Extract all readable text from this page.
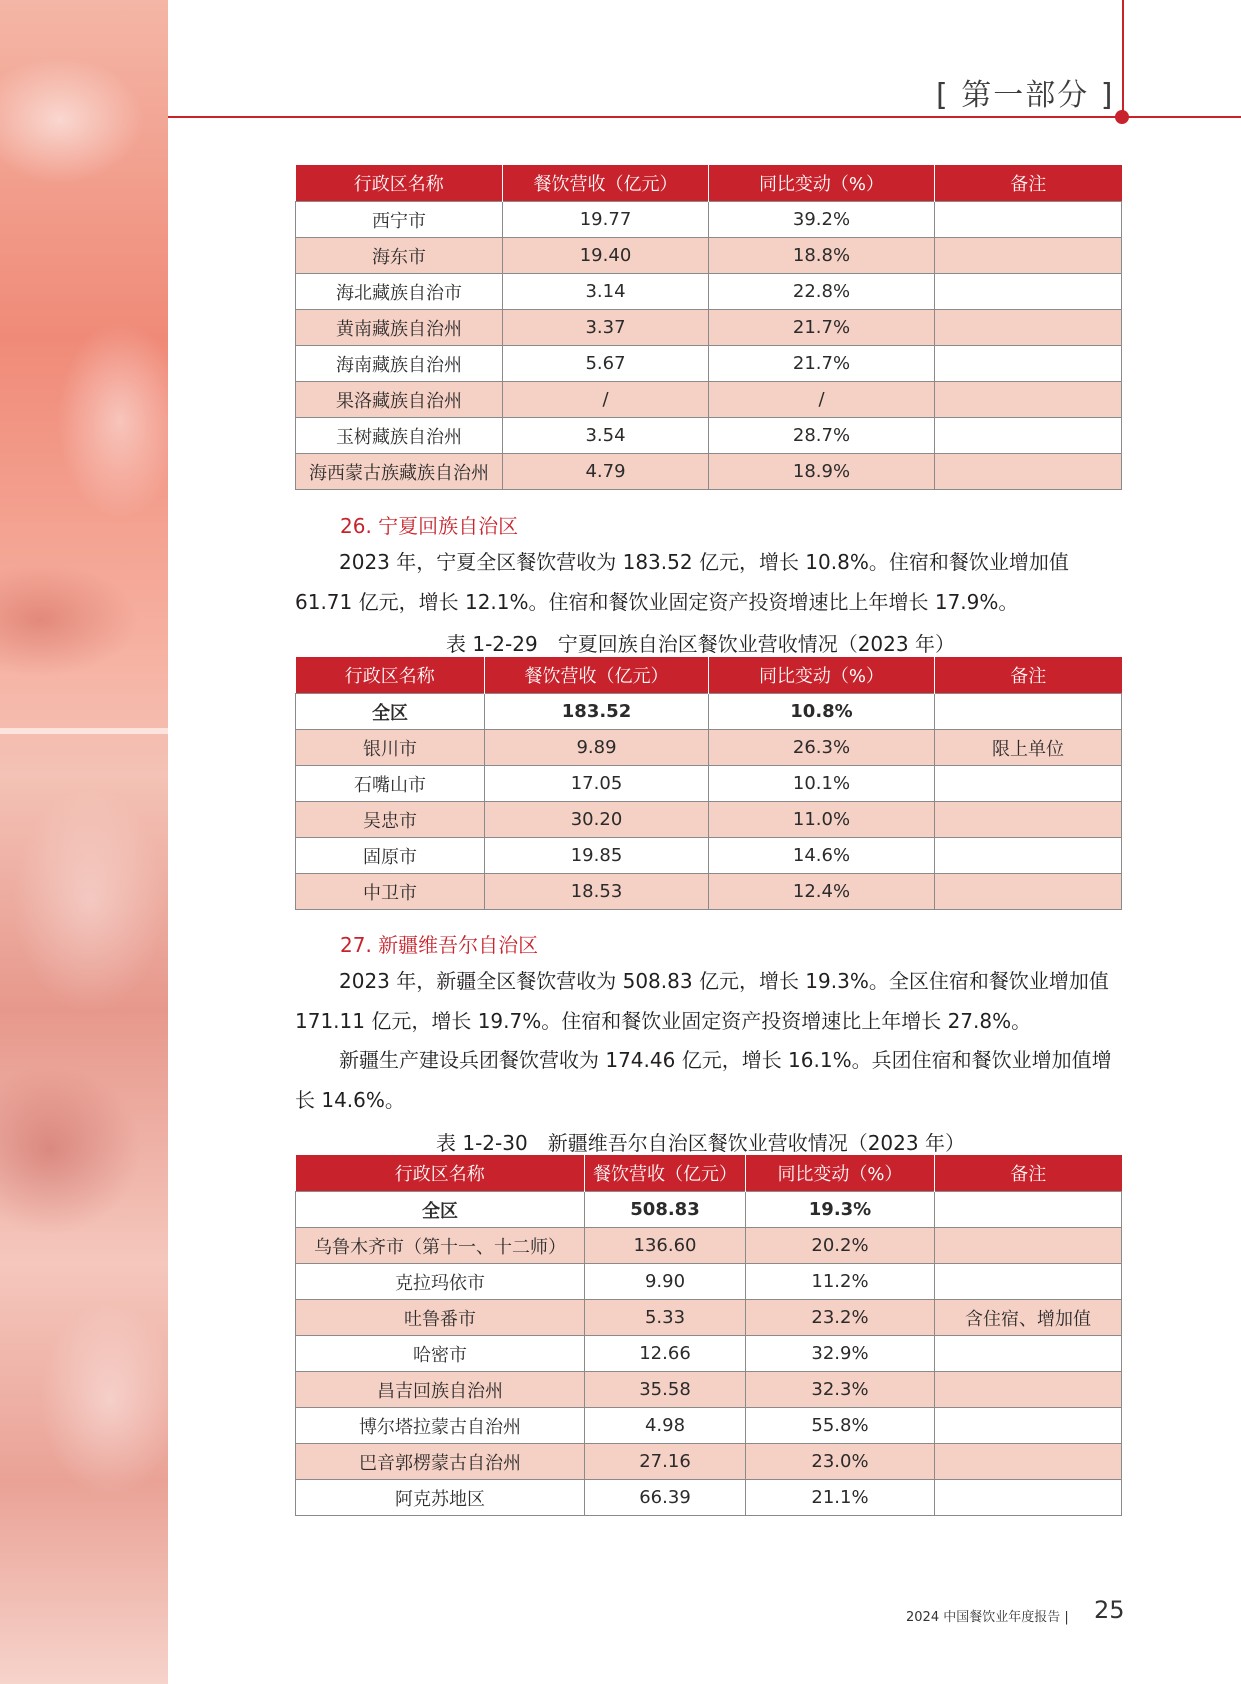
[ 第一部分 ]
行政区名称	餐饮营收（亿元）	同比变动（%）	备注
西宁市	19.77	39.2%	
海东市	19.40	18.8%	
海北藏族自治市	3.14	22.8%	
黄南藏族自治州	3.37	21.7%	
海南藏族自治州	5.67	21.7%	
果洛藏族自治州	/	/	
玉树藏族自治州	3.54	28.7%	
海西蒙古族藏族自治州	4.79	18.9%	
26. 宁夏回族自治区

2023 年，宁夏全区餐饮营收为 183.52 亿元，增长 10.8%。住宿和餐饮业增加值 61.71 亿元，增长 12.1%。住宿和餐饮业固定资产投资增速比上年增长 17.9%。

表 1-2-29　宁夏回族自治区餐饮业营收情况（2023 年）
行政区名称	餐饮营收（亿元）	同比变动（%）	备注
全区	183.52	10.8%	
银川市	9.89	26.3%	限上单位
石嘴山市	17.05	10.1%	
吴忠市	30.20	11.0%	
固原市	19.85	14.6%	
中卫市	18.53	12.4%	
27. 新疆维吾尔自治区

2023 年，新疆全区餐饮营收为 508.83 亿元，增长 19.3%。全区住宿和餐饮业增加值 171.11 亿元，增长 19.7%。住宿和餐饮业固定资产投资增速比上年增长 27.8%。

新疆生产建设兵团餐饮营收为 174.46 亿元，增长 16.1%。兵团住宿和餐饮业增加值增长 14.6%。

表 1-2-30　新疆维吾尔自治区餐饮业营收情况（2023 年）
行政区名称	餐饮营收（亿元）	同比变动（%）	备注
全区	508.83	19.3%	
乌鲁木齐市（第十一、十二师）	136.60	20.2%	
克拉玛依市	9.90	11.2%	
吐鲁番市	5.33	23.2%	含住宿、增加值
哈密市	12.66	32.9%	
昌吉回族自治州	35.58	32.3%	
博尔塔拉蒙古自治州	4.98	55.8%	
巴音郭楞蒙古自治州	27.16	23.0%	
阿克苏地区	66.39	21.1%	
2024 中国餐饮业年度报告 | 25
